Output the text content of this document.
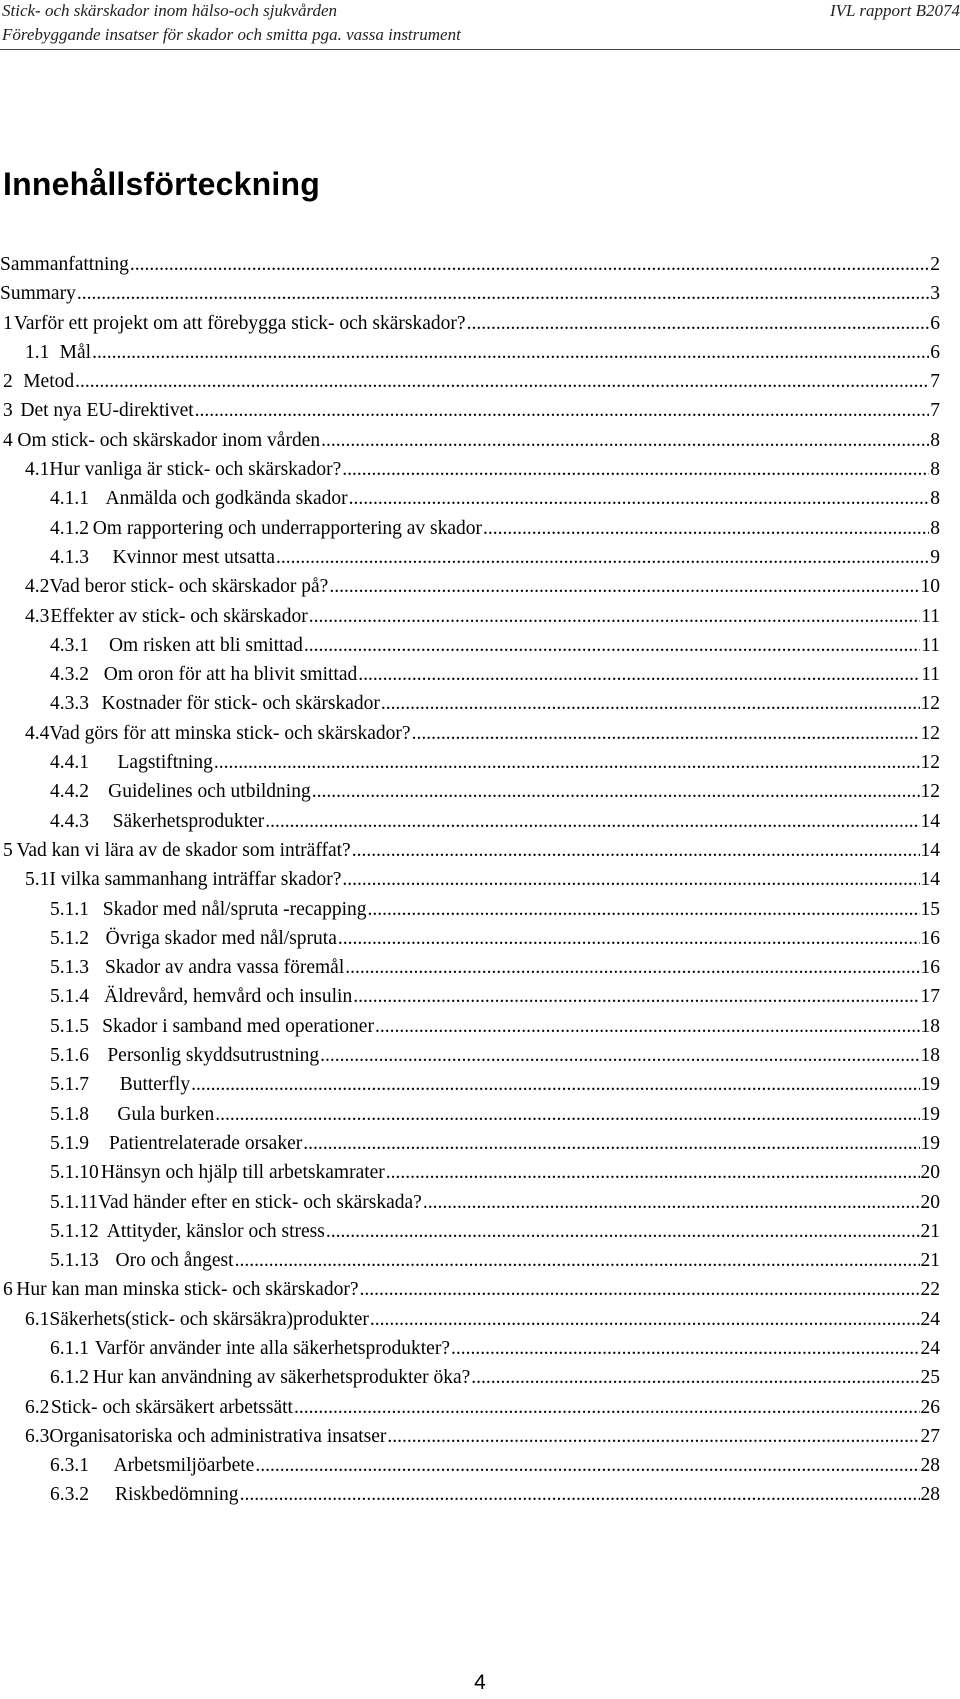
Stick- och skärskador inom hälso-och sjukvården
Förebyggande insatser för skador och smitta pga. vassa instrument
IVL rapport B2074
Innehållsförteckning
Sammanfattning .....	2
Summary .....	3
1 Varför ett projekt om att förebygga stick- och skärskador? .....	6
1.1 Mål .....	6
2 Metod .....	7
3 Det nya EU-direktivet .....	7
4 Om stick- och skärskador inom vården .....	8
4.1 Hur vanliga är stick- och skärskador? .....	8
4.1.1 Anmälda och godkända skador .....	8
4.1.2 Om rapportering och underrapportering av skador .....	8
4.1.3	Kvinnor mest utsatta .....	9
4.2 Vad beror stick- och skärskador på? .....	10
4.3 Effekter av stick- och skärskador .....	11
4.3.1	Om risken att bli smittad .....	11
4.3.2 Om oron för att ha blivit smittad .....	11
4.3.3 Kostnader för stick- och skärskador .....	12
4.4 Vad görs för att minska stick- och skärskador? .....	12
4.4.1	Lagstiftning .....	12
4.4.2 Guidelines och utbildning .....	12
4.4.3	Säkerhetsprodukter .....	14
5 Vad kan vi lära av de skador som inträffat? .....	14
5.1 I vilka sammanhang inträffar skador? .....	14
5.1.1 Skador med nål/spruta -recapping .....	15
5.1.2 Övriga skador med nål/spruta .....	16
5.1.3 Skador av andra vassa föremål .....	16
5.1.4 Äldrevård, hemvård och insulin .....	17
5.1.5 Skador i samband med operationer .....	18
5.1.6 Personlig skyddsutrustning .....	18
5.1.7	Butterfly .....	19
5.1.8	Gula burken .....	19
5.1.9	Patientrelaterade orsaker .....	19
5.1.10 Hänsyn och hjälp till arbetskamrater .....	20
5.1.11 Vad händer efter en stick- och skärskada? .....	20
5.1.12 Attityder, känslor och stress .....	21
5.1.13 Oro och ångest .....	21
6 Hur kan man minska stick- och skärskador? .....	22
6.1 Säkerhets(stick- och skärsäkra)produkter .....	24
6.1.1 Varför använder inte alla säkerhetsprodukter? .....	24
6.1.2 Hur kan användning av säkerhetsprodukter öka? .....	25
6.2 Stick- och skärsäkert arbetssätt .....	26
6.3 Organisatoriska och administrativa insatser .....	27
6.3.1	Arbetsmiljöarbete .....	28
6.3.2	Riskbedömning .....	28
4
